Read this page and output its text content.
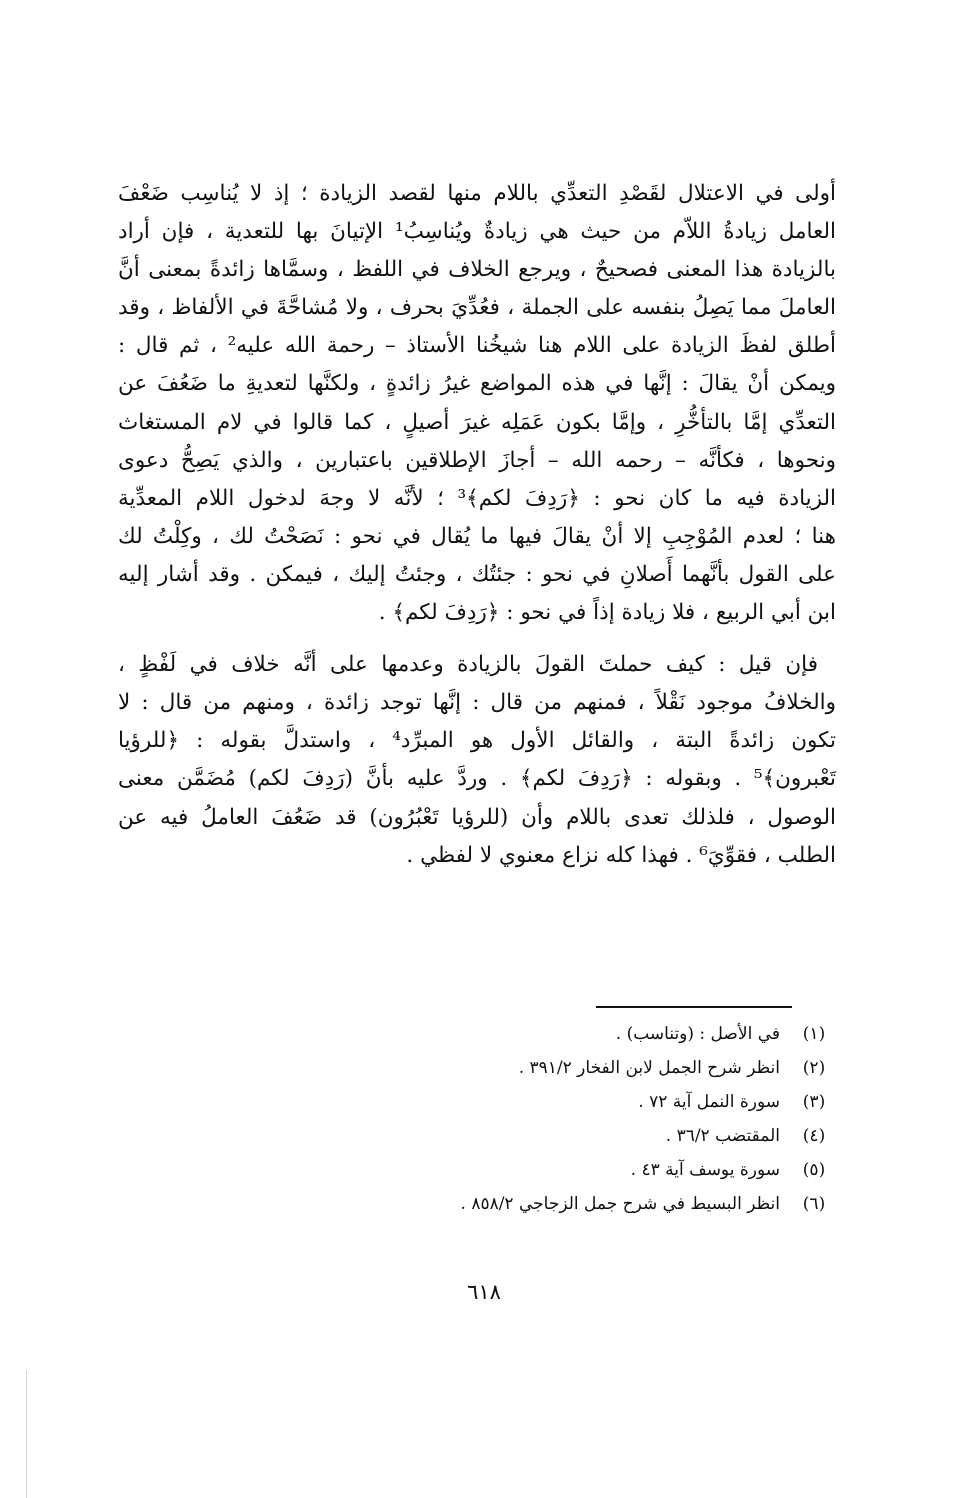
أولى في الاعتلال لقَصْدِ التعدِّي باللام منها لقصد الزيادة ؛ إذ لا يُناسِب ضَعْفَ
العامل زيادةُ اللاّم من حيث هي زيادةٌ ويُناسِبُ¹ الإتيانَ بها للتعدية ، فإن أراد
بالزيادة هذا المعنى فصحيحٌ ، ويرجع الخلاف في اللفظ ، وسمَّاها زائدةً بمعنى أنَّ
العاملَ مما يَصِلُ بنفسه على الجملة ، فعُدِّيَ بحرف ، ولا مُشاحَّةَ في الألفاظ ، وقد
أطلق لفظَ الزيادة على اللام هنا شيخُنا الأستاذ – رحمة الله عليه² ، ثم قال :
ويمكن أنْ يقالَ : إنَّها في هذه المواضع غيرُ زائدةٍ ، ولكنَّها لتعديةِ ما ضَعُفَ عن
التعدِّي إمَّا بالتأخُّرِ ، وإمَّا بكون عَمَلِه غيرَ أصيلٍ ، كما قالوا في لام المستغاث
ونحوها ، فكأنَّه – رحمه الله – أجازَ الإطلاقين باعتبارين ، والذي يَصِحُّ دعوى
الزيادة فيه ما كان نحو : ﴿رَدِفَ لكم﴾³ ؛ لأنَّه لا وجهَ لدخول اللام المعدِّية
هنا ؛ لعدم المُوْجِبِ إلا أنْ يقالَ فيها ما يُقال في نحو : نَصَحْتُ لك ، وكِلْتُ لك
على القول بأنَّهما أَصلانِ في نحو : جئتُك ، وجئتُ إليك ، فيمكن . وقد أشار إليه
ابن أبي الربيع ، فلا زيادة إذاً في نحو : ﴿رَدِفَ لكم﴾ .
فإن قيل : كيف حملتَ القولَ بالزيادة وعدمها على أنَّه خلاف في لَفْظٍ ،
والخلافُ موجود نَقْلاً ، فمنهم من قال : إنَّها توجد زائدة ، ومنهم من قال : لا
تكون زائدةً البتة ، والقائل الأول هو المبرِّد⁴ ، واستدلَّ بقوله : ﴿للرؤيا
تَعْبرون﴾⁵ . وبقوله : ﴿رَدِفَ لكم﴾ . وردَّ عليه بأنَّ (رَدِفَ لكم) مُضَمَّن معنى
الوصول ، فلذلك تعدى باللام وأن (للرؤيا تَعْبُرُون) قد ضَعُفَ العاملُ فيه عن
الطلب ، فقوِّيَ⁶ . فهذا كله نزاع معنوي لا لفظي .
(١)
في الأصل : (وتناسب) .
(٢)
انظر شرح الجمل لابن الفخار ٣٩١/٢ .
(٣)
سورة النمل آية ٧٢ .
(٤)
المقتضب ٣٦/٢ .
(٥)
سورة يوسف آية ٤٣ .
(٦)
انظر البسيط في شرح جمل الزجاجي ٨٥٨/٢ .
٦١٨
